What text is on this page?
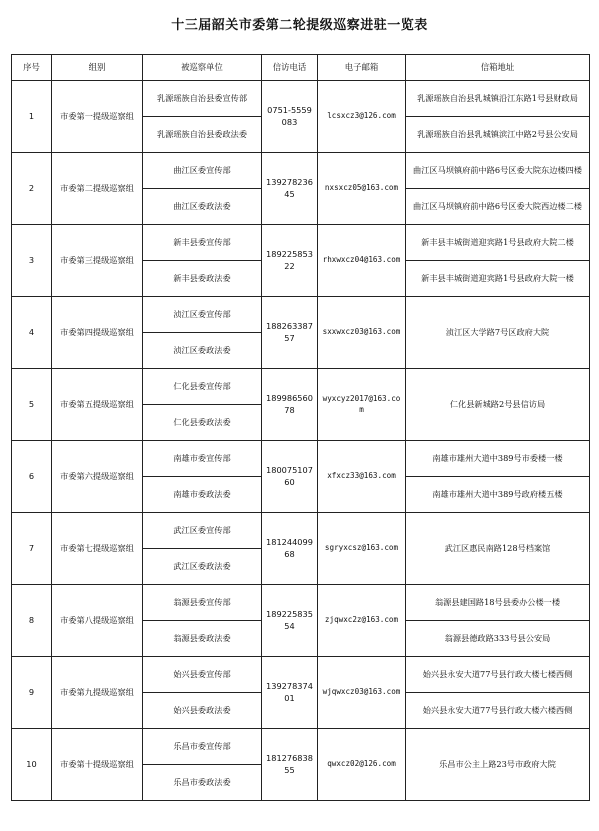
十三届韶关市委第二轮提级巡察进驻一览表
序号	组别	被巡察单位	信访电话	电子邮箱	信箱地址
1	市委第一提级巡察组	乳源瑶族自治县委宣传部	0751-5559083	lcsxcz3@126.com	乳源瑶族自治县乳城镇沿江东路1号县财政局
		乳源瑶族自治县委政法委			乳源瑶族自治县乳城镇滨江中路2号县公安局
2	市委第二提级巡察组	曲江区委宣传部	13927823645	nxsxcz05@163.com	曲江区马坝镇府前中路6号区委大院东边楼四楼
		曲江区委政法委			曲江区马坝镇府前中路6号区委大院西边楼二楼
3	市委第三提级巡察组	新丰县委宣传部	18922585322	rhxwxcz04@163.com	新丰县丰城街道迎宾路1号县政府大院二楼
		新丰县委政法委			新丰县丰城街道迎宾路1号县政府大院一楼
4	市委第四提级巡察组	浈江区委宣传部	18826338757	sxxwxcz03@163.com	浈江区大学路7号区政府大院
		浈江区委政法委			
5	市委第五提级巡察组	仁化县委宣传部	18998656078	wyxcyz2017@163.com	仁化县新城路2号县信访局
		仁化县委政法委			
6	市委第六提级巡察组	南雄市委宣传部	18007510760	xfxcz33@163.com	南雄市雄州大道中389号市委楼一楼
		南雄市委政法委			南雄市雄州大道中389号政府楼五楼
7	市委第七提级巡察组	武江区委宣传部	18124409968	sgryxcsz@163.com	武江区惠民南路128号档案馆
		武江区委政法委			
8	市委第八提级巡察组	翁源县委宣传部	18922583554	zjqwxc2z@163.com	翁源县建国路18号县委办公楼一楼
		翁源县委政法委			翁源县德政路333号县公安局
9	市委第九提级巡察组	始兴县委宣传部	13927837401	wjqwxcz03@163.com	始兴县永安大道77号县行政大楼七楼西侧
		始兴县委政法委			始兴县永安大道77号县行政大楼六楼西侧
10	市委第十提级巡察组	乐昌市委宣传部	18127683855	qwxcz02@126.com	乐昌市公主上路23号市政府大院
		乐昌市委政法委			
